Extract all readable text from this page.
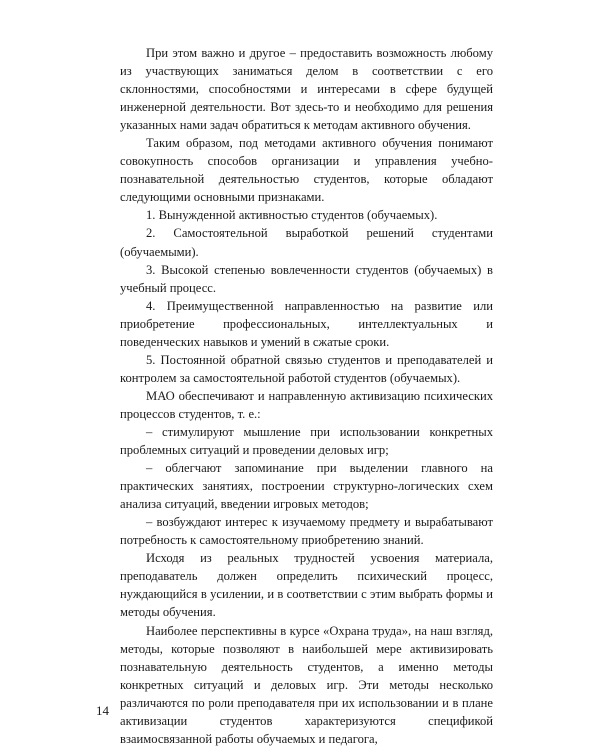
При этом важно и другое – предоставить возможность любому из участвующих заниматься делом в соответствии с его склонностями, способностями и интересами в сфере будущей инженерной деятельности. Вот здесь-то и необходимо для решения указанных нами задач обратиться к методам активного обучения.

Таким образом, под методами активного обучения понимают совокупность способов организации и управления учебно-познавательной деятельностью студентов, которые обладают следующими основными признаками.

1. Вынужденной активностью студентов (обучаемых).

2. Самостоятельной выработкой решений студентами (обучаемыми).

3. Высокой степенью вовлеченности студентов (обучаемых) в учебный процесс.

4. Преимущественной направленностью на развитие или приобретение профессиональных, интеллектуальных и поведенческих навыков и умений в сжатые сроки.

5. Постоянной обратной связью студентов и преподавателей и контролем за самостоятельной работой студентов (обучаемых).

МАО обеспечивают и направленную активизацию психических процессов студентов, т. е.:

– стимулируют мышление при использовании конкретных проблемных ситуаций и проведении деловых игр;

– облегчают запоминание при выделении главного на практических занятиях, построении структурно-логических схем анализа ситуаций, введении игровых методов;

– возбуждают интерес к изучаемому предмету и вырабатывают потребность к самостоятельному приобретению знаний.

Исходя из реальных трудностей усвоения материала, преподаватель должен определить психический процесс, нуждающийся в усилении, и в соответствии с этим выбрать формы и методы обучения.

Наиболее перспективны в курсе «Охрана труда», на наш взгляд, методы, которые позволяют в наибольшей мере активизировать познавательную деятельность студентов, а именно методы конкретных ситуаций и деловых игр. Эти методы несколько различаются по роли преподавателя при их использовании и в плане активизации студентов характеризуются спецификой взаимосвязанной работы обучаемых и педагога,

14
